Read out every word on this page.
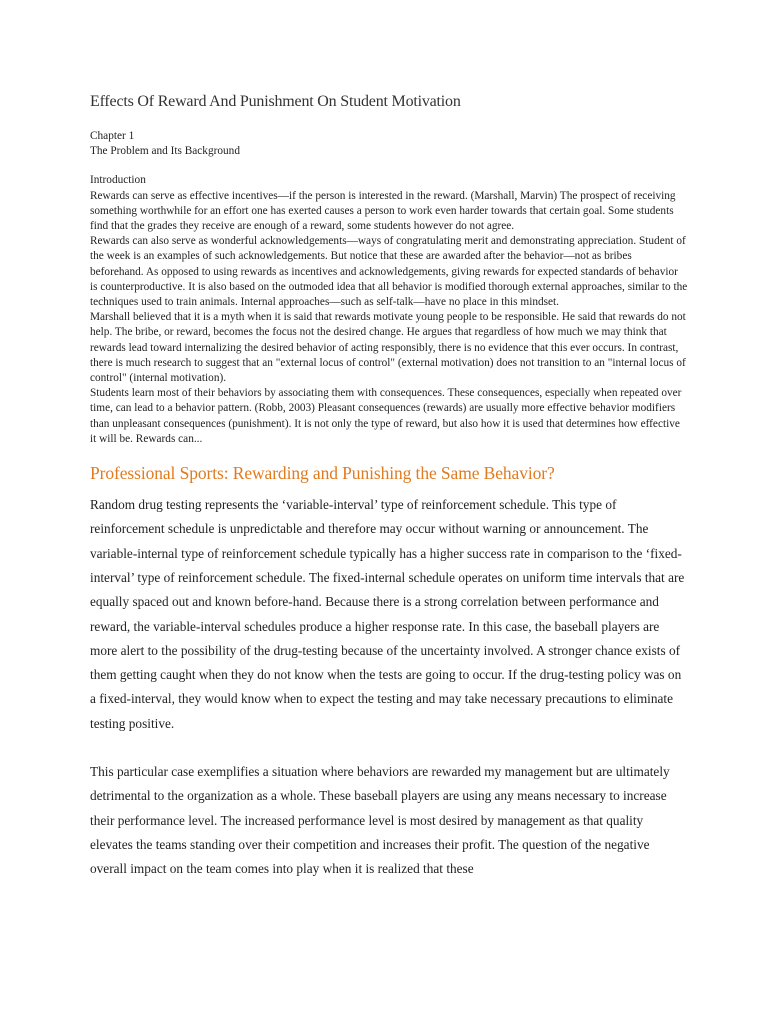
Effects Of Reward And Punishment On Student Motivation
Chapter 1
The Problem and Its Background
Introduction

Rewards can serve as effective incentives—if the person is interested in the reward. (Marshall, Marvin) The prospect of receiving something worthwhile for an effort one has exerted causes a person to work even harder towards that certain goal. Some students find that the grades they receive are enough of a reward, some students however do not agree.

Rewards can also serve as wonderful acknowledgements—ways of congratulating merit and demonstrating appreciation. Student of the week is an examples of such acknowledgements. But notice that these are awarded after the behavior—not as bribes beforehand. As opposed to using rewards as incentives and acknowledgements, giving rewards for expected standards of behavior is counterproductive. It is also based on the outmoded idea that all behavior is modified thorough external approaches, similar to the techniques used to train animals. Internal approaches—such as self-talk—have no place in this mindset.

Marshall believed that it is a myth when it is said that rewards motivate young people to be responsible. He said that rewards do not help. The bribe, or reward, becomes the focus not the desired change. He argues that regardless of how much we may think that rewards lead toward internalizing the desired behavior of acting responsibly, there is no evidence that this ever occurs. In contrast, there is much research to suggest that an "external locus of control" (external motivation) does not transition to an "internal locus of control" (internal motivation).

Students learn most of their behaviors by associating them with consequences. These consequences, especially when repeated over time, can lead to a behavior pattern. (Robb, 2003) Pleasant consequences (rewards) are usually more effective behavior modifiers than unpleasant consequences (punishment). It is not only the type of reward, but also how it is used that determines how effective it will be. Rewards can...

Professional Sports: Rewarding and Punishing the Same Behavior?

Random drug testing represents the ‘variable-interval’ type of reinforcement schedule. This type of reinforcement schedule is unpredictable and therefore may occur without warning or announcement. The variable-internal type of reinforcement schedule typically has a higher success rate in comparison to the ‘fixed-interval’ type of reinforcement schedule. The fixed-internal schedule operates on uniform time intervals that are equally spaced out and known before-hand. Because there is a strong correlation between performance and reward, the variable-interval schedules produce a higher response rate. In this case, the baseball players are more alert to the possibility of the drug-testing because of the uncertainty involved. A stronger chance exists of them getting caught when they do not know when the tests are going to occur. If the drug-testing policy was on a fixed-interval, they would know when to expect the testing and may take necessary precautions to eliminate testing positive.

This particular case exemplifies a situation where behaviors are rewarded my management but are ultimately detrimental to the organization as a whole. These baseball players are using any means necessary to increase their performance level. The increased performance level is most desired by management as that quality elevates the teams standing over their competition and increases their profit. The question of the negative overall impact on the team comes into play when it is realized that these
